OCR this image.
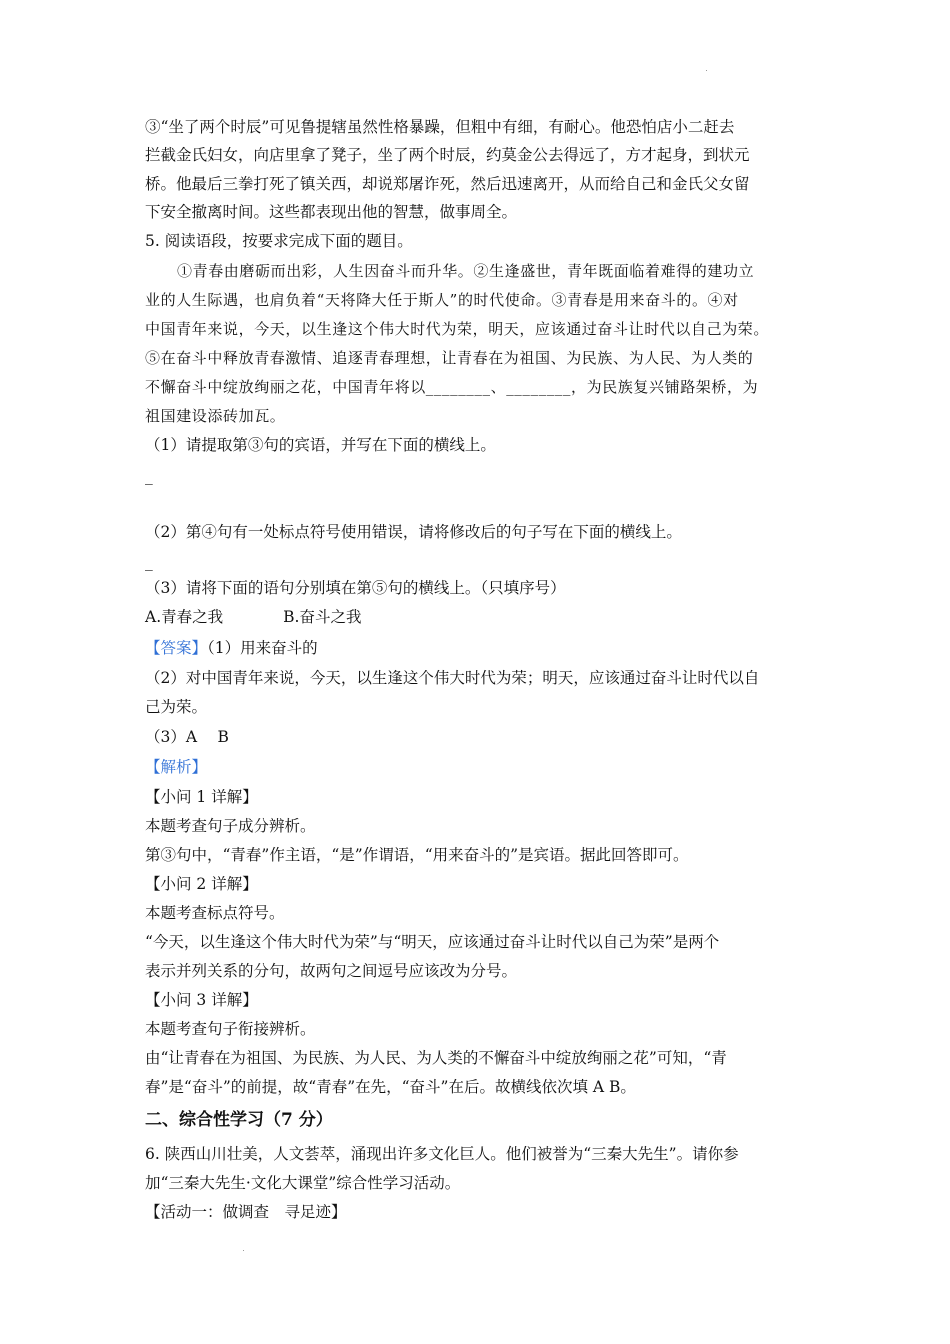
③“坐了两个时辰”可见鲁提辖虽然性格暴躁，但粗中有细，有耐心。他恐怕店小二赶去
拦截金氏妇女，向店里拿了凳子，坐了两个时辰，约莫金公去得远了，方才起身，到状元
桥。他最后三拳打死了镇关西，却说郑屠诈死，然后迅速离开，从而给自己和金氏父女留
下安全撤离时间。这些都表现出他的智慧，做事周全。
5. 阅读语段，按要求完成下面的题目。
①青春由磨砺而出彩，人生因奋斗而升华。②生逢盛世，青年既面临着难得的建功立
业的人生际遇，也肩负着“天将降大任于斯人”的时代使命。③青春是用来奋斗的。④对
中国青年来说，今天，以生逢这个伟大时代为荣，明天，应该通过奋斗让时代以自己为荣。
⑤在奋斗中释放青春激情、追逐青春理想，让青春在为祖国、为民族、为人民、为人类的
不懈奋斗中绽放绚丽之花，中国青年将以________、________，为民族复兴铺路架桥，为
祖国建设添砖加瓦。
（1）请提取第③句的宾语，并写在下面的横线上。
_
（2）第④句有一处标点符号使用错误，请将修改后的句子写在下面的横线上。
_
（3）请将下面的语句分别填在第⑤句的横线上。（只填序号）
A.青春之我	B.奋斗之我
【答案】（1）用来奋斗的
（2）对中国青年来说，今天，以生逢这个伟大时代为荣；明天，应该通过奋斗让时代以自
己为荣。
（3）A　 B
【解析】
【小问 1 详解】
本题考查句子成分辨析。
第③句中，“青春”作主语，“是”作谓语，“用来奋斗的”是宾语。据此回答即可。
【小问 2 详解】
本题考查标点符号。
“今天，以生逢这个伟大时代为荣”与“明天，应该通过奋斗让时代以自己为荣”是两个
表示并列关系的分句，故两句之间逗号应该改为分号。
【小问 3 详解】
本题考查句子衔接辨析。
由“让青春在为祖国、为民族、为人民、为人类的不懈奋斗中绽放绚丽之花”可知，“青
春”是“奋斗”的前提，故“青春”在先，“奋斗”在后。故横线依次填 A B。
二、综合性学习（7 分）
6. 陕西山川壮美，人文荟萃，涌现出许多文化巨人。他们被誉为“三秦大先生”。请你参
加“三秦大先生·文化大课堂”综合性学习活动。
【活动一：做调查　寻足迹】
